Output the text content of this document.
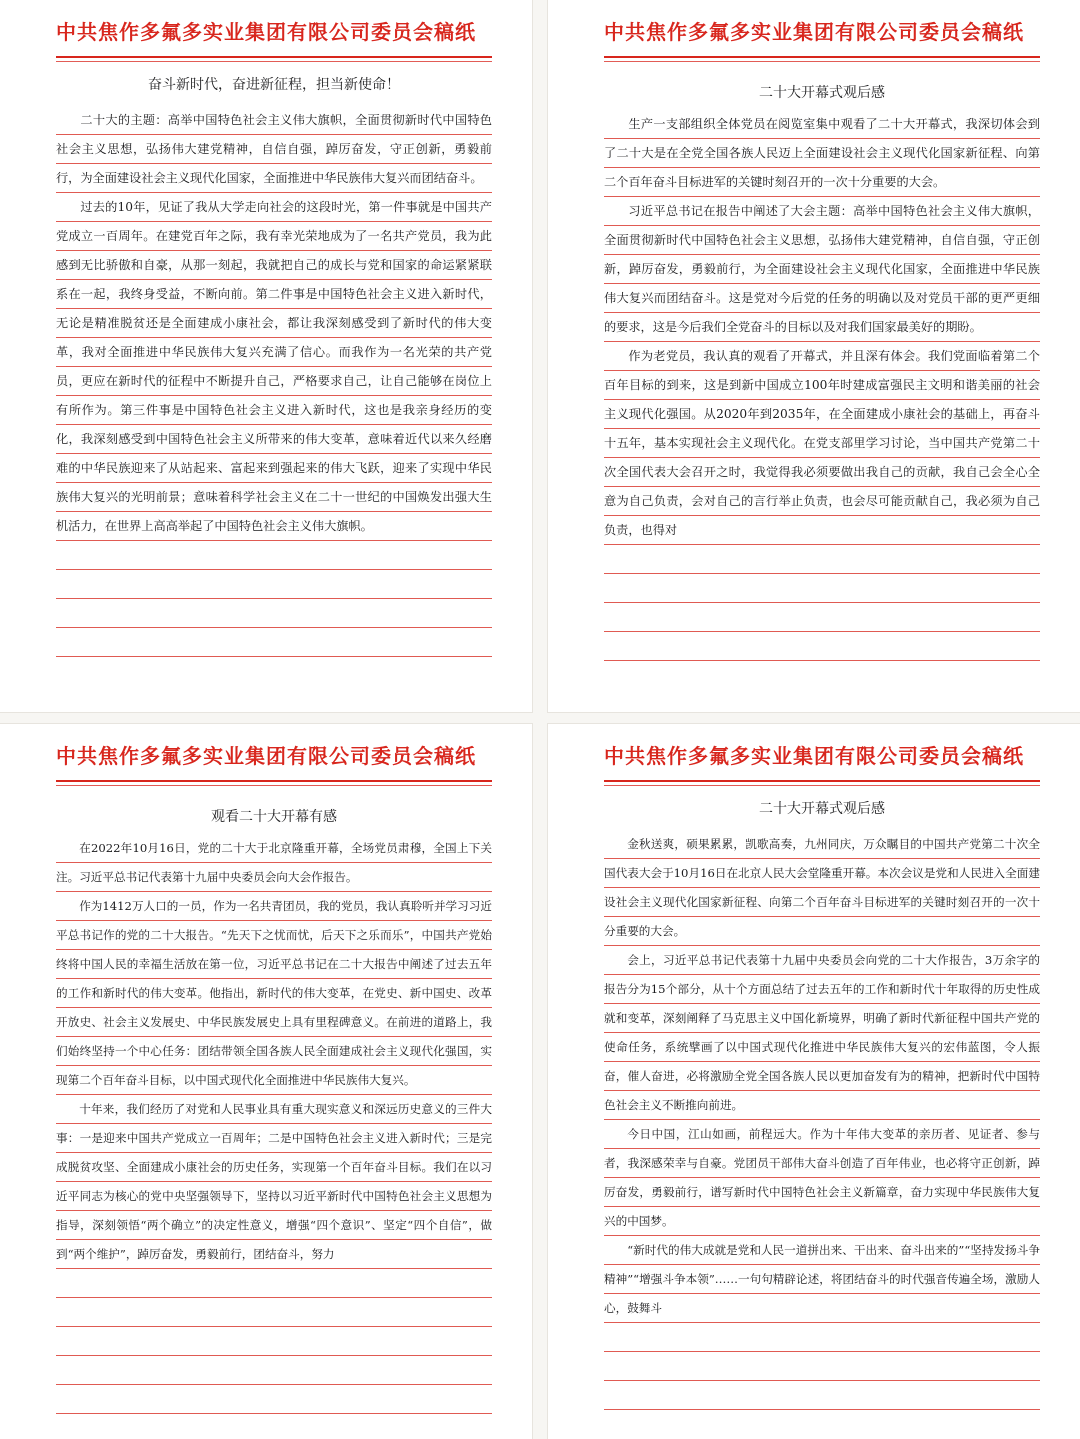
中共焦作多氟多实业集团有限公司委员会稿纸
奋斗新时代，奋进新征程，担当新使命！
二十大的主题：高举中国特色社会主义伟大旗帜，全面贯彻新时代中国特色社会主义思想，弘扬伟大建党精神，自信自强，踔厉奋发，守正创新，勇毅前行，为全面建设社会主义现代化国家，全面推进中华民族伟大复兴而团结奋斗。
过去的10年，见证了我从大学走向社会的这段时光，第一件事就是中国共产党成立一百周年。在建党百年之际，我有幸光荣地成为了一名共产党员，我为此感到无比骄傲和自豪，从那一刻起，我就把自己的成长与党和国家的命运紧紧联系在一起，我终身受益，不断向前。第二件事是中国特色社会主义进入新时代，无论是精准脱贫还是全面建成小康社会，都让我深刻感受到了新时代的伟大变革，我对全面推进中华民族伟大复兴充满了信心。而我作为一名光荣的共产党员，更应在新时代的征程中不断提升自己，严格要求自己，让自己能够在岗位上有所作为。第三件事是中国特色社会主义进入新时代，这也是我亲身经历的变化，我深刻感受到中国特色社会主义所带来的伟大变革，意味着近代以来久经磨难的中华民族迎来了从站起来、富起来到强起来的伟大飞跃，迎来了实现中华民族伟大复兴的光明前景；意味着科学社会主义在二十一世纪的中国焕发出强大生机活力，在世界上高高举起了中国特色社会主义伟大旗帜。
中共焦作多氟多实业集团有限公司委员会稿纸
二十大开幕式观后感
生产一支部组织全体党员在阅览室集中观看了二十大开幕式，我深切体会到了二十大是在全党全国各族人民迈上全面建设社会主义现代化国家新征程、向第二个百年奋斗目标进军的关键时刻召开的一次十分重要的大会。
习近平总书记在报告中阐述了大会主题：高举中国特色社会主义伟大旗帜，全面贯彻新时代中国特色社会主义思想，弘扬伟大建党精神，自信自强，守正创新，踔厉奋发，勇毅前行，为全面建设社会主义现代化国家，全面推进中华民族伟大复兴而团结奋斗。这是党对今后党的任务的明确以及对党员干部的更严更细的要求，这是今后我们全党奋斗的目标以及对我们国家最美好的期盼。
作为老党员，我认真的观看了开幕式，并且深有体会。我们党面临着第二个百年目标的到来，这是到新中国成立100年时建成富强民主文明和谐美丽的社会主义现代化强国。从2020年到2035年，在全面建成小康社会的基础上，再奋斗十五年，基本实现社会主义现代化。在党支部里学习讨论，当中国共产党第二十次全国代表大会召开之时，我觉得我必须要做出我自己的贡献，我自己会全心全意为自己负责，会对自己的言行举止负责，也会尽可能贡献自己，我必须为自己负责，也得对
中共焦作多氟多实业集团有限公司委员会稿纸
观看二十大开幕有感
在2022年10月16日，党的二十大于北京隆重开幕，全场党员肃穆，全国上下关注。习近平总书记代表第十九届中央委员会向大会作报告。
作为1412万人口的一员，作为一名共青团员，我的党员，我认真聆听并学习习近平总书记作的党的二十大报告。“先天下之忧而忧，后天下之乐而乐”，中国共产党始终将中国人民的幸福生活放在第一位，习近平总书记在二十大报告中阐述了过去五年的工作和新时代的伟大变革。他指出，新时代的伟大变革，在党史、新中国史、改革开放史、社会主义发展史、中华民族发展史上具有里程碑意义。在前进的道路上，我们始终坚持一个中心任务：团结带领全国各族人民全面建成社会主义现代化强国，实现第二个百年奋斗目标，以中国式现代化全面推进中华民族伟大复兴。
十年来，我们经历了对党和人民事业具有重大现实意义和深远历史意义的三件大事：一是迎来中国共产党成立一百周年；二是中国特色社会主义进入新时代；三是完成脱贫攻坚、全面建成小康社会的历史任务，实现第一个百年奋斗目标。我们在以习近平同志为核心的党中央坚强领导下，坚持以习近平新时代中国特色社会主义思想为指导，深刻领悟“两个确立”的决定性意义，增强“四个意识”、坚定“四个自信”，做到“两个维护”，踔厉奋发，勇毅前行，团结奋斗，努力
中共焦作多氟多实业集团有限公司委员会稿纸
二十大开幕式观后感
金秋送爽，硕果累累，凯歌高奏，九州同庆，万众瞩目的中国共产党第二十次全国代表大会于10月16日在北京人民大会堂隆重开幕。本次会议是党和人民进入全面建设社会主义现代化国家新征程、向第二个百年奋斗目标进军的关键时刻召开的一次十分重要的大会。
会上，习近平总书记代表第十九届中央委员会向党的二十大作报告，3万余字的报告分为15个部分，从十个方面总结了过去五年的工作和新时代十年取得的历史性成就和变革，深刻阐释了马克思主义中国化新境界，明确了新时代新征程中国共产党的使命任务，系统擘画了以中国式现代化推进中华民族伟大复兴的宏伟蓝图，令人振奋，催人奋进，必将激励全党全国各族人民以更加奋发有为的精神，把新时代中国特色社会主义不断推向前进。
今日中国，江山如画，前程远大。作为十年伟大变革的亲历者、见证者、参与者，我深感荣幸与自豪。党团员干部伟大奋斗创造了百年伟业，也必将守正创新，踔厉奋发，勇毅前行，谱写新时代中国特色社会主义新篇章，奋力实现中华民族伟大复兴的中国梦。
“新时代的伟大成就是党和人民一道拼出来、干出来、奋斗出来的”“坚持发扬斗争精神”“增强斗争本领”……一句句精辟论述，将团结奋斗的时代强音传遍全场，激励人心，鼓舞斗
